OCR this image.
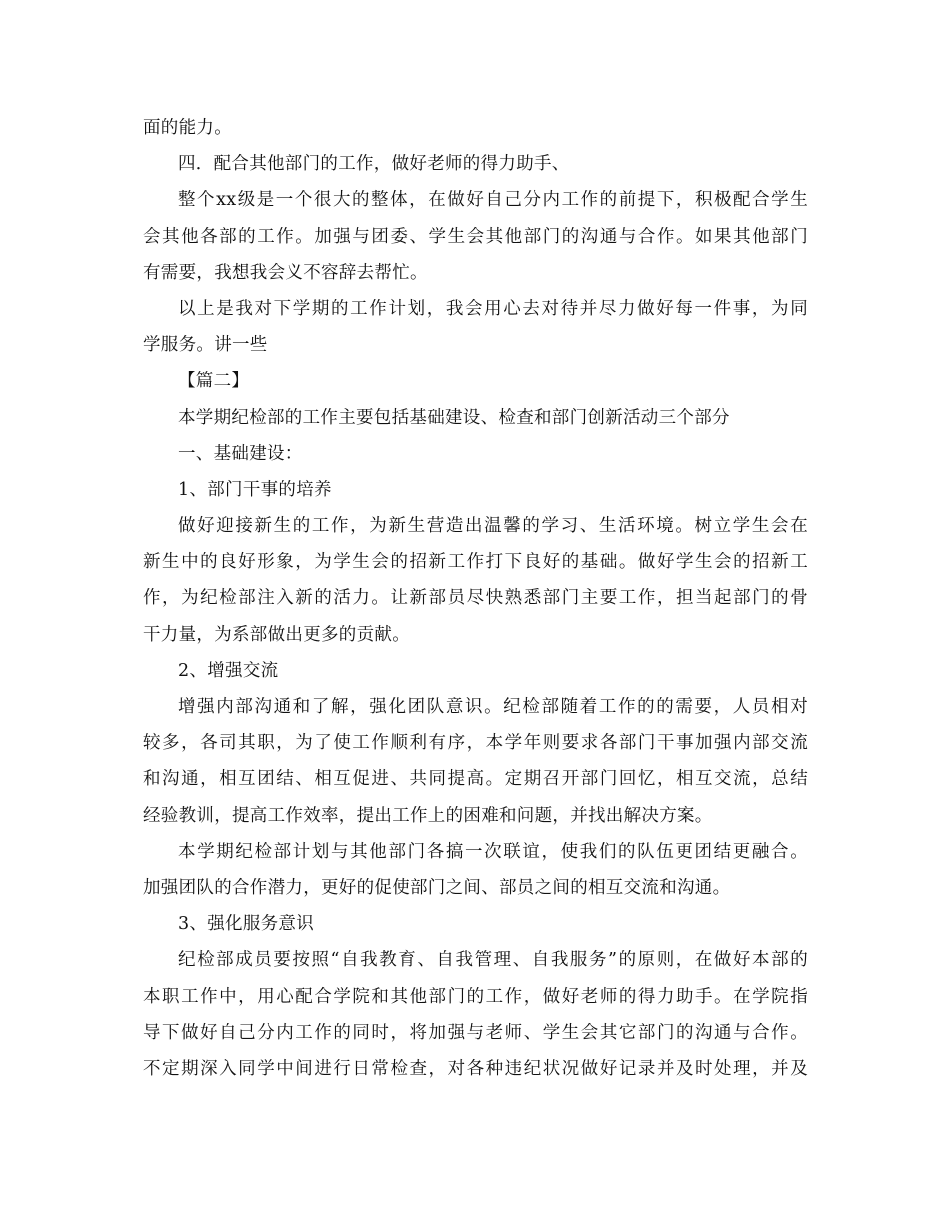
面的能力。
四．配合其他部门的工作，做好老师的得力助手、
整个xx级是一个很大的整体，在做好自己分内工作的前提下，积极配合学生
会其他各部的工作。加强与团委、学生会其他部门的沟通与合作。如果其他部门
有需要，我想我会义不容辞去帮忙。
以上是我对下学期的工作计划，我会用心去对待并尽力做好每一件事，为同
学服务。讲一些
【篇二】
本学期纪检部的工作主要包括基础建设、检查和部门创新活动三个部分
一、基础建设：
1、部门干事的培养
做好迎接新生的工作，为新生营造出温馨的学习、生活环境。树立学生会在
新生中的良好形象，为学生会的招新工作打下良好的基础。做好学生会的招新工
作，为纪检部注入新的活力。让新部员尽快熟悉部门主要工作，担当起部门的骨
干力量，为系部做出更多的贡献。
2、增强交流
增强内部沟通和了解，强化团队意识。纪检部随着工作的的需要，人员相对
较多，各司其职，为了使工作顺利有序，本学年则要求各部门干事加强内部交流
和沟通，相互团结、相互促进、共同提高。定期召开部门回忆，相互交流，总结
经验教训，提高工作效率，提出工作上的困难和问题，并找出解决方案。
本学期纪检部计划与其他部门各搞一次联谊，使我们的队伍更团结更融合。
加强团队的合作潜力，更好的促使部门之间、部员之间的相互交流和沟通。
3、强化服务意识
纪检部成员要按照“自我教育、自我管理、自我服务”的原则，在做好本部的
本职工作中，用心配合学院和其他部门的工作，做好老师的得力助手。在学院指
导下做好自己分内工作的同时，将加强与老师、学生会其它部门的沟通与合作。
不定期深入同学中间进行日常检查，对各种违纪状况做好记录并及时处理，并及
